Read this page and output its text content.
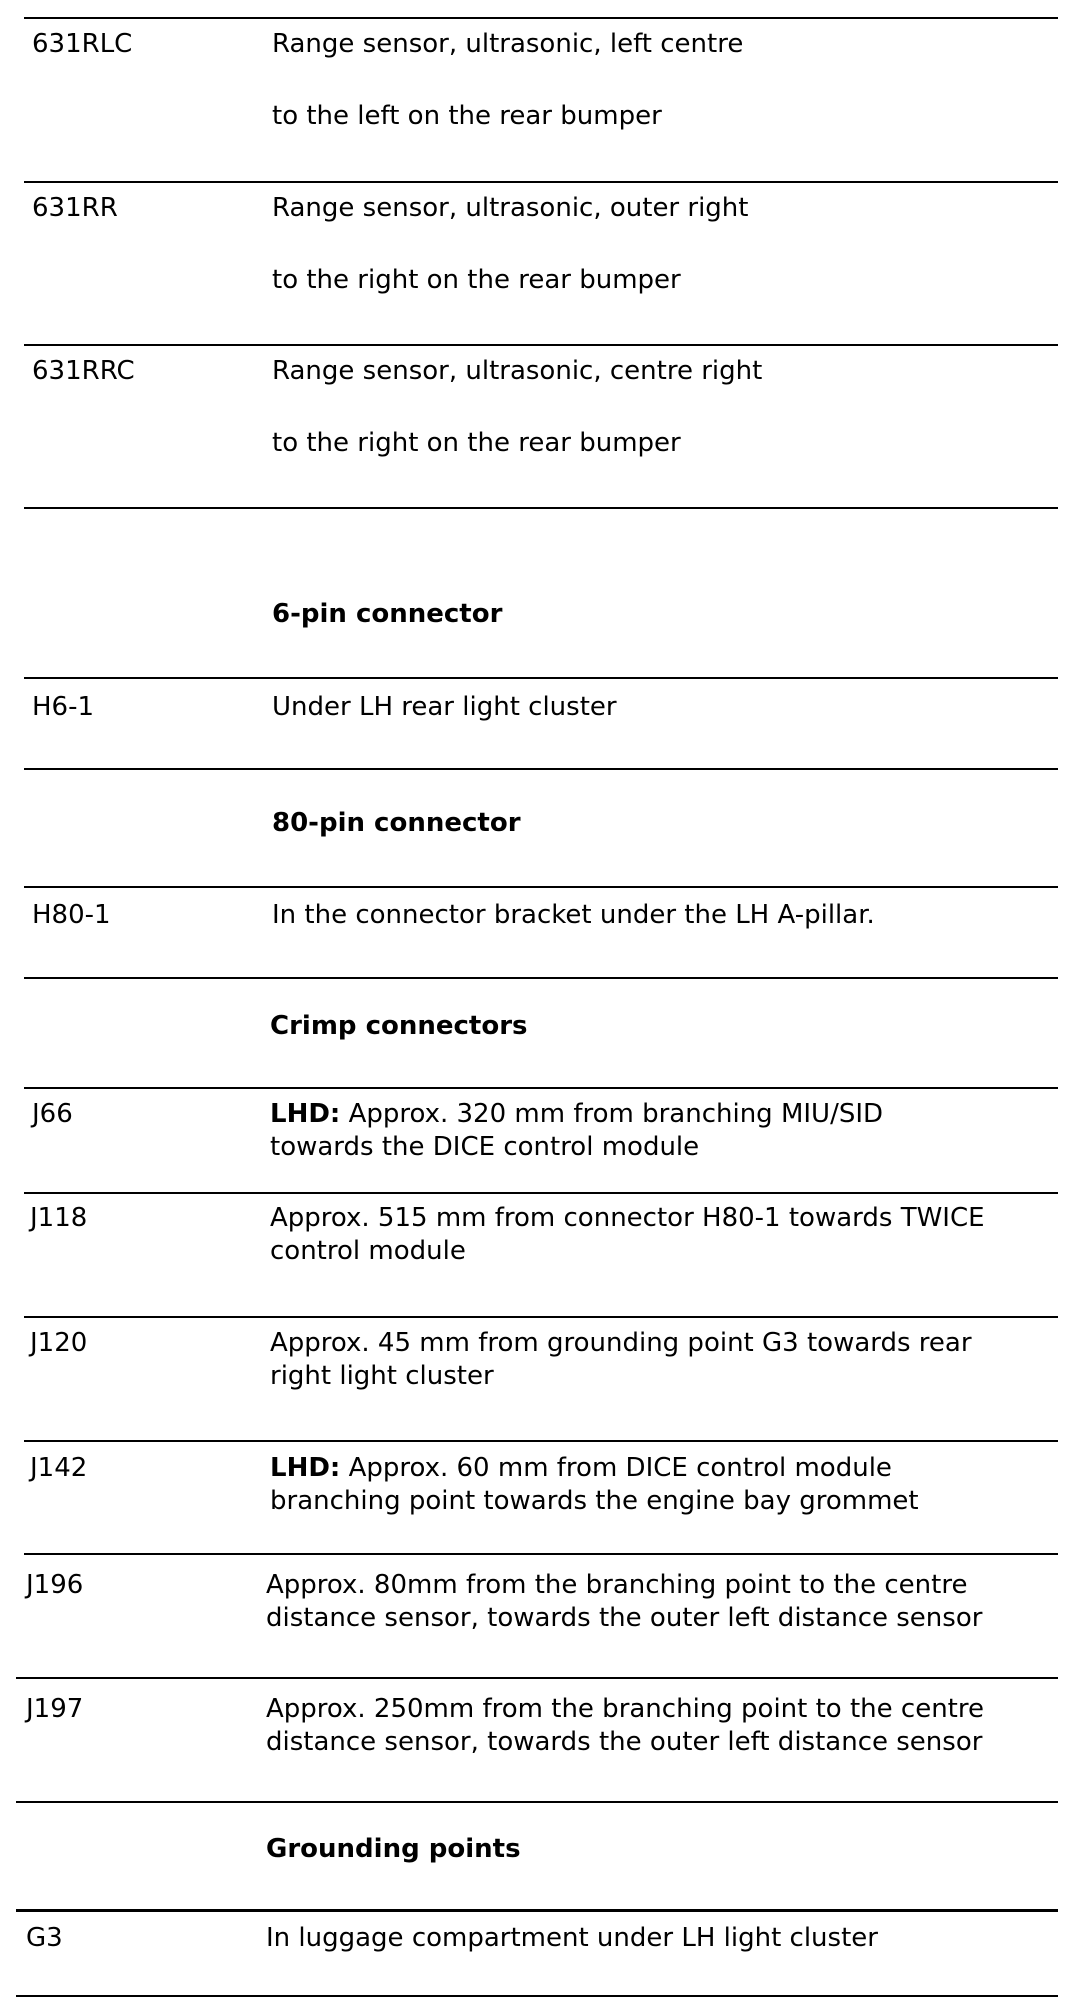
631RLC	Range sensor, ultrasonic, left centre
to the left on the rear bumper
631RR	Range sensor, ultrasonic, outer right
to the right on the rear bumper
631RRC	Range sensor, ultrasonic, centre right
to the right on the rear bumper
6-pin connector
H6-1	Under LH rear light cluster
80-pin connector
H80-1	In the connector bracket under the LH A-pillar.
Crimp connectors
J66	LHD: Approx. 320 mm from branching MIU/SID
towards the DICE control module
J118	Approx. 515 mm from connector H80-1 towards TWICE
control module
J120	Approx. 45 mm from grounding point G3 towards rear
right light cluster
J142	LHD: Approx. 60 mm from DICE control module
branching point towards the engine bay grommet
J196	Approx. 80mm from the branching point to the centre
distance sensor, towards the outer left distance sensor
J197	Approx. 250mm from the branching point to the centre
distance sensor, towards the outer left distance sensor
Grounding points
G3	In luggage compartment under LH light cluster
